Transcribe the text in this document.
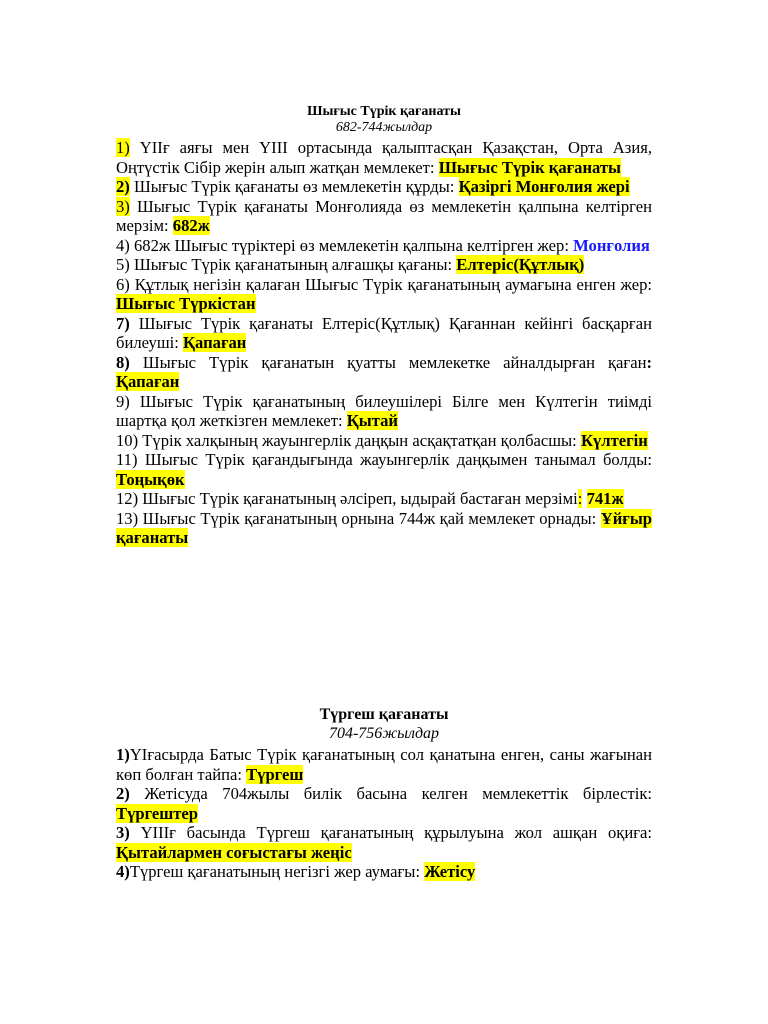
Шығыс Түрік қағанаты
682-744жылдар
1) ҮІІғ аяғы мен ҮІІІ ортасында қалыптасқан Қазақстан, Орта Азия, Оңтүстік Сібір жерін алып жатқан мемлекет: Шығыс Түрік қағанаты
2) Шығыс Түрік қағанаты өз мемлекетін құрды: Қазіргі Монғолия жері
3) Шығыс Түрік қағанаты Монғолияда өз мемлекетін қалпына келтірген мерзім: 682ж
4) 682ж Шығыс түріктері өз мемлекетін қалпына келтірген жер: Монғолия
5) Шығыс Түрік қағанатының алғашқы қағаны: Елтеріс(Құтлық)
6) Құтлық негізін қалаған Шығыс Түрік қағанатының аумағына енген жер: Шығыс Түркістан
7) Шығыс Түрік қағанаты Елтеріс(Құтлық) Қағаннан кейінгі басқарған билеуші: Қапаған
8) Шығыс Түрік қағанатын қуатты мемлекетке айналдырған қаған: Қапаған
9) Шығыс Түрік қағанатының билеушілері Білге мен Күлтегін тиімді шартқа қол жеткізген мемлекет: Қытай
10) Түрік халқының жауынгерлік даңқын асқақтатқан қолбасшы: Күлтегін
11) Шығыс Түрік қағандығында жауынгерлік даңқымен танымал болды: Тоңықөк
12) Шығыс Түрік қағанатының әлсіреп, ыдырай бастаған мерзімі: 741ж
13) Шығыс Түрік қағанатының орнына 744ж қай мемлекет орнады: Ұйғыр қағанаты
Түргеш қағанаты
704-756жылдар
1)ҮІғасырда Батыс Түрік қағанатының сол қанатына енген, саны жағынан көп болған тайпа: Түргеш
2) Жетісуда 704жылы билік басына келген мемлекеттік бірлестік: Түргештер
3) ҮІІІғ басында Түргеш қағанатының құрылуына жол ашқан оқиға: Қытайлармен соғыстағы жеңіс
4)Түргеш қағанатының негізгі жер аумағы: Жетісу
